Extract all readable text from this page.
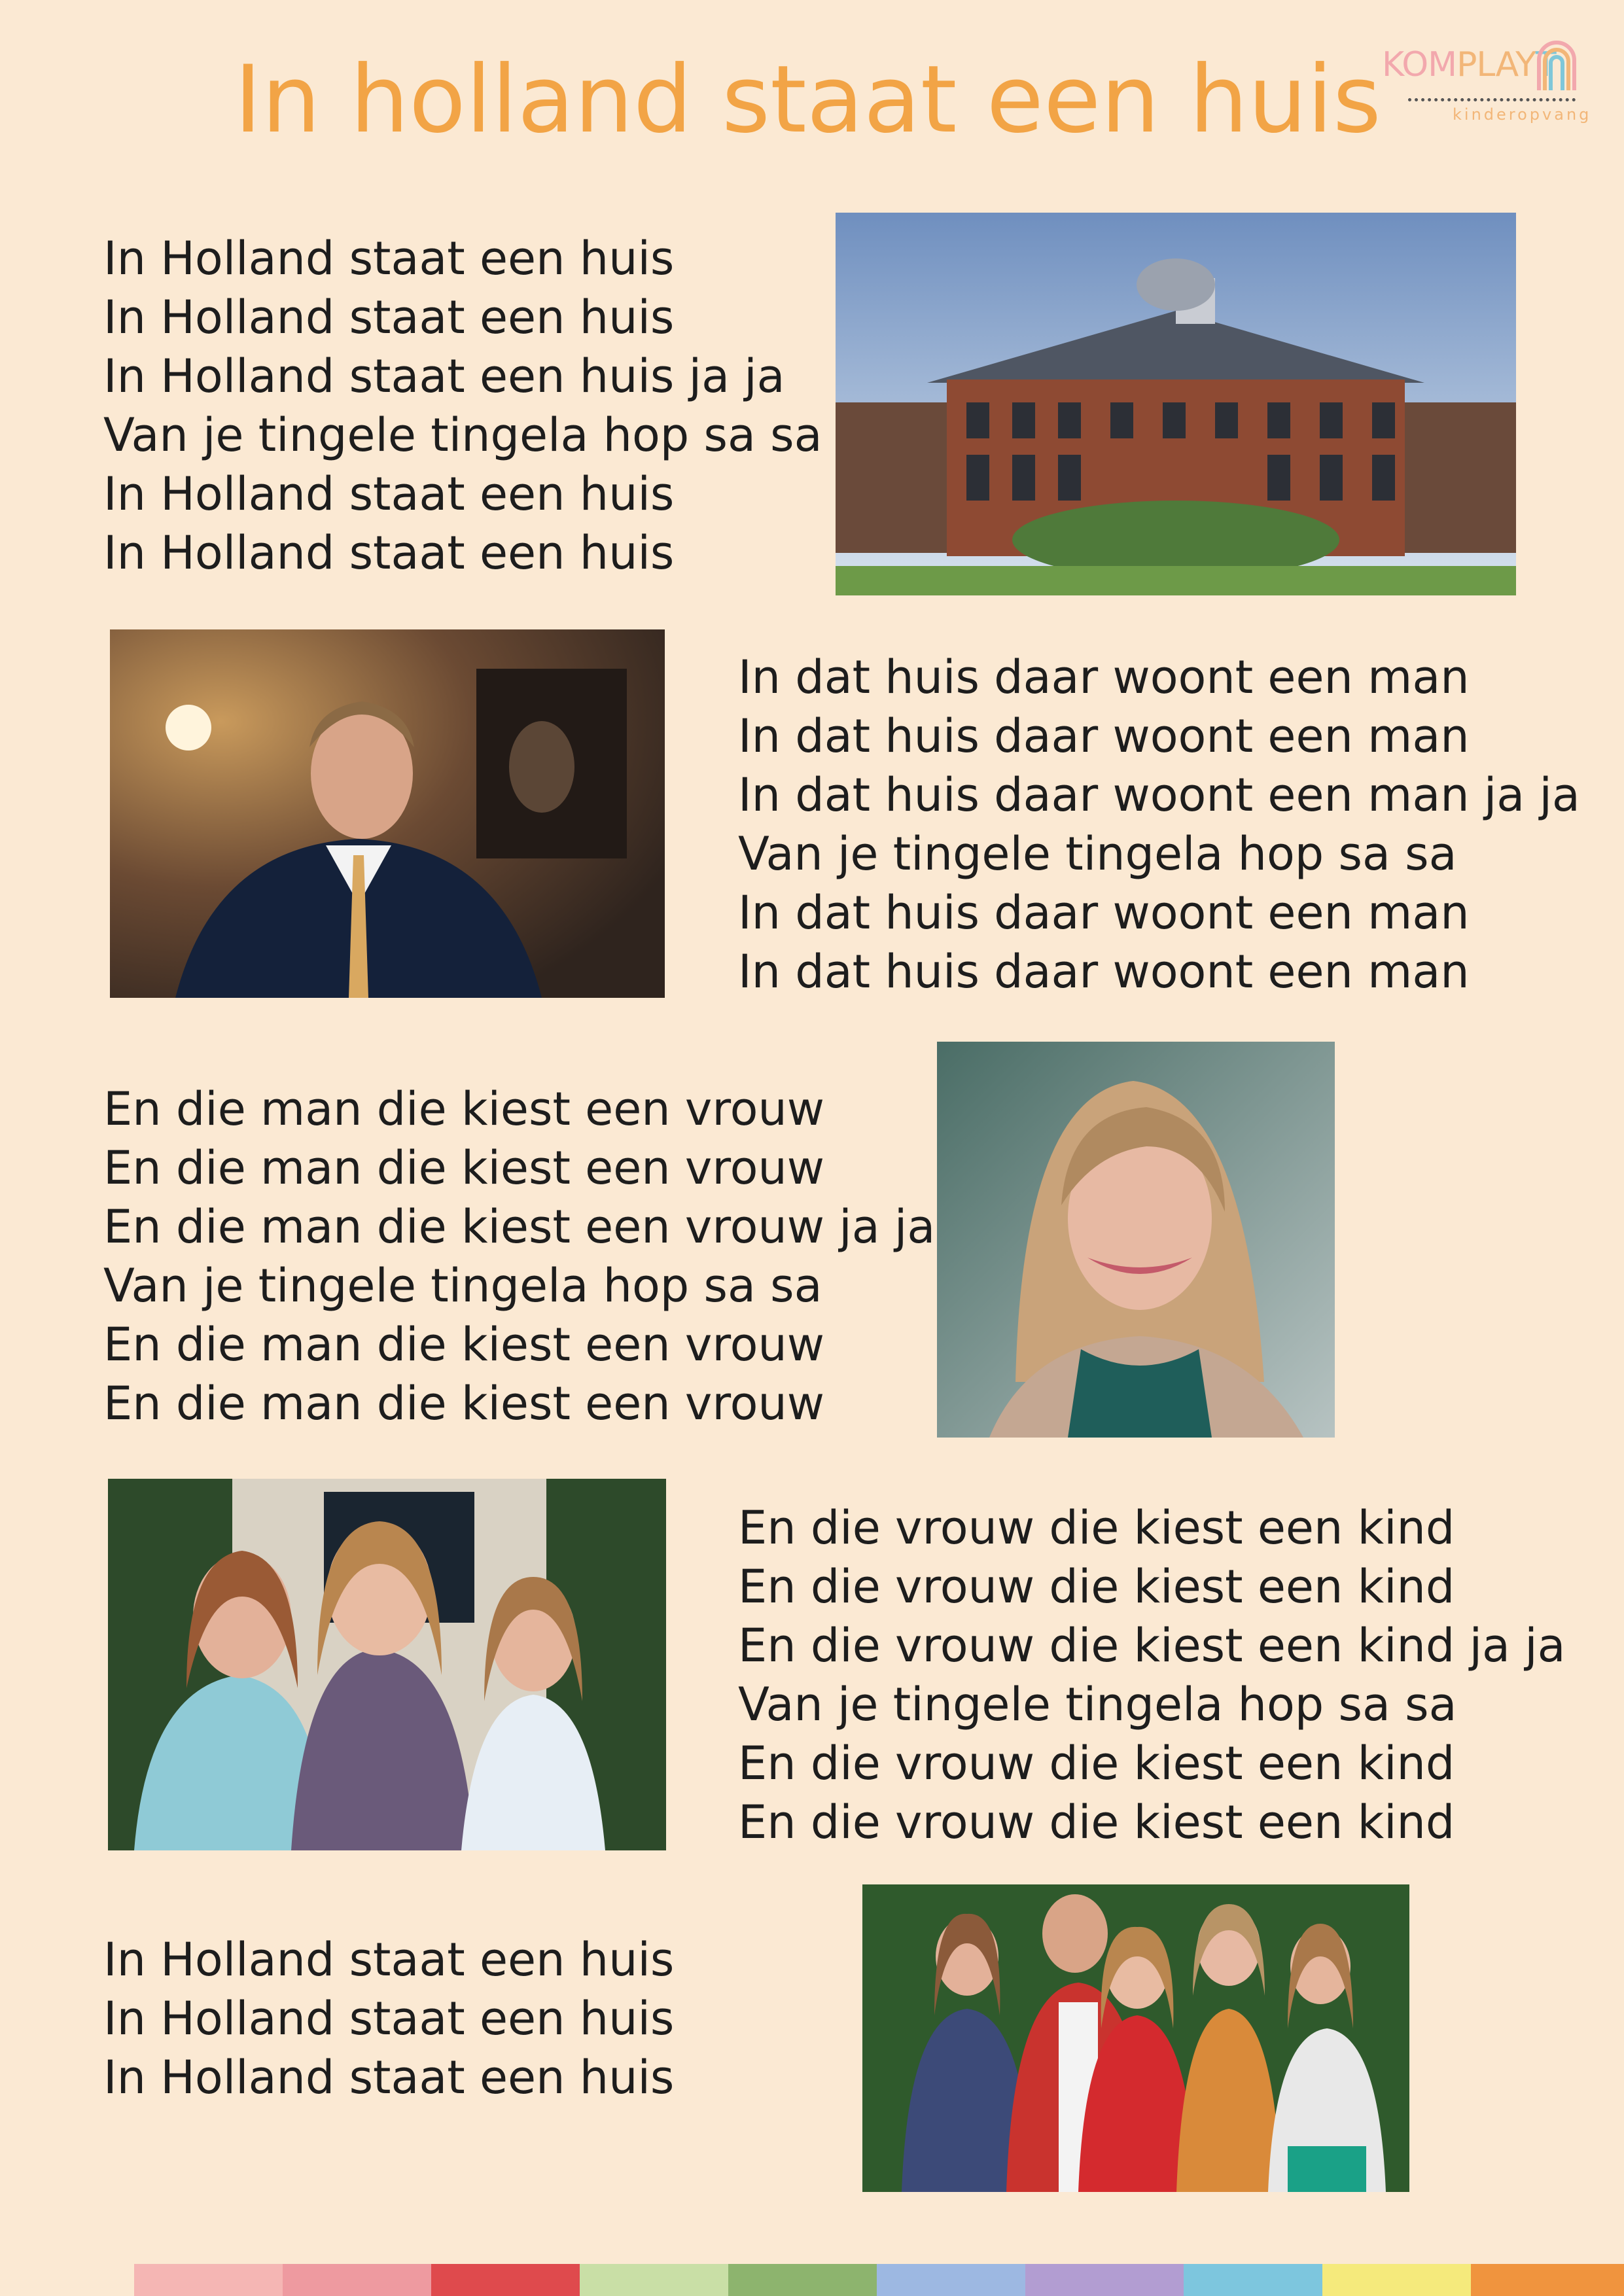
In holland staat een huis KOMPLAYT
kinderopvang
In Holland staat een huis
In Holland staat een huis
In Holland staat een huis ja ja
Van je tingele tingela hop sa sa
In Holland staat een huis
In Holland staat een huis
In dat huis daar woont een man
In dat huis daar woont een man
In dat huis daar woont een man ja ja
Van je tingele tingela hop sa sa
In dat huis daar woont een man
In dat huis daar woont een man
En die man die kiest een vrouw
En die man die kiest een vrouw
En die man die kiest een vrouw ja ja
Van je tingele tingela hop sa sa
En die man die kiest een vrouw
En die man die kiest een vrouw
En die vrouw die kiest een kind
En die vrouw die kiest een kind
En die vrouw die kiest een kind ja ja
Van je tingele tingela hop sa sa
En die vrouw die kiest een kind
En die vrouw die kiest een kind
In Holland staat een huis
In Holland staat een huis
In Holland staat een huis
